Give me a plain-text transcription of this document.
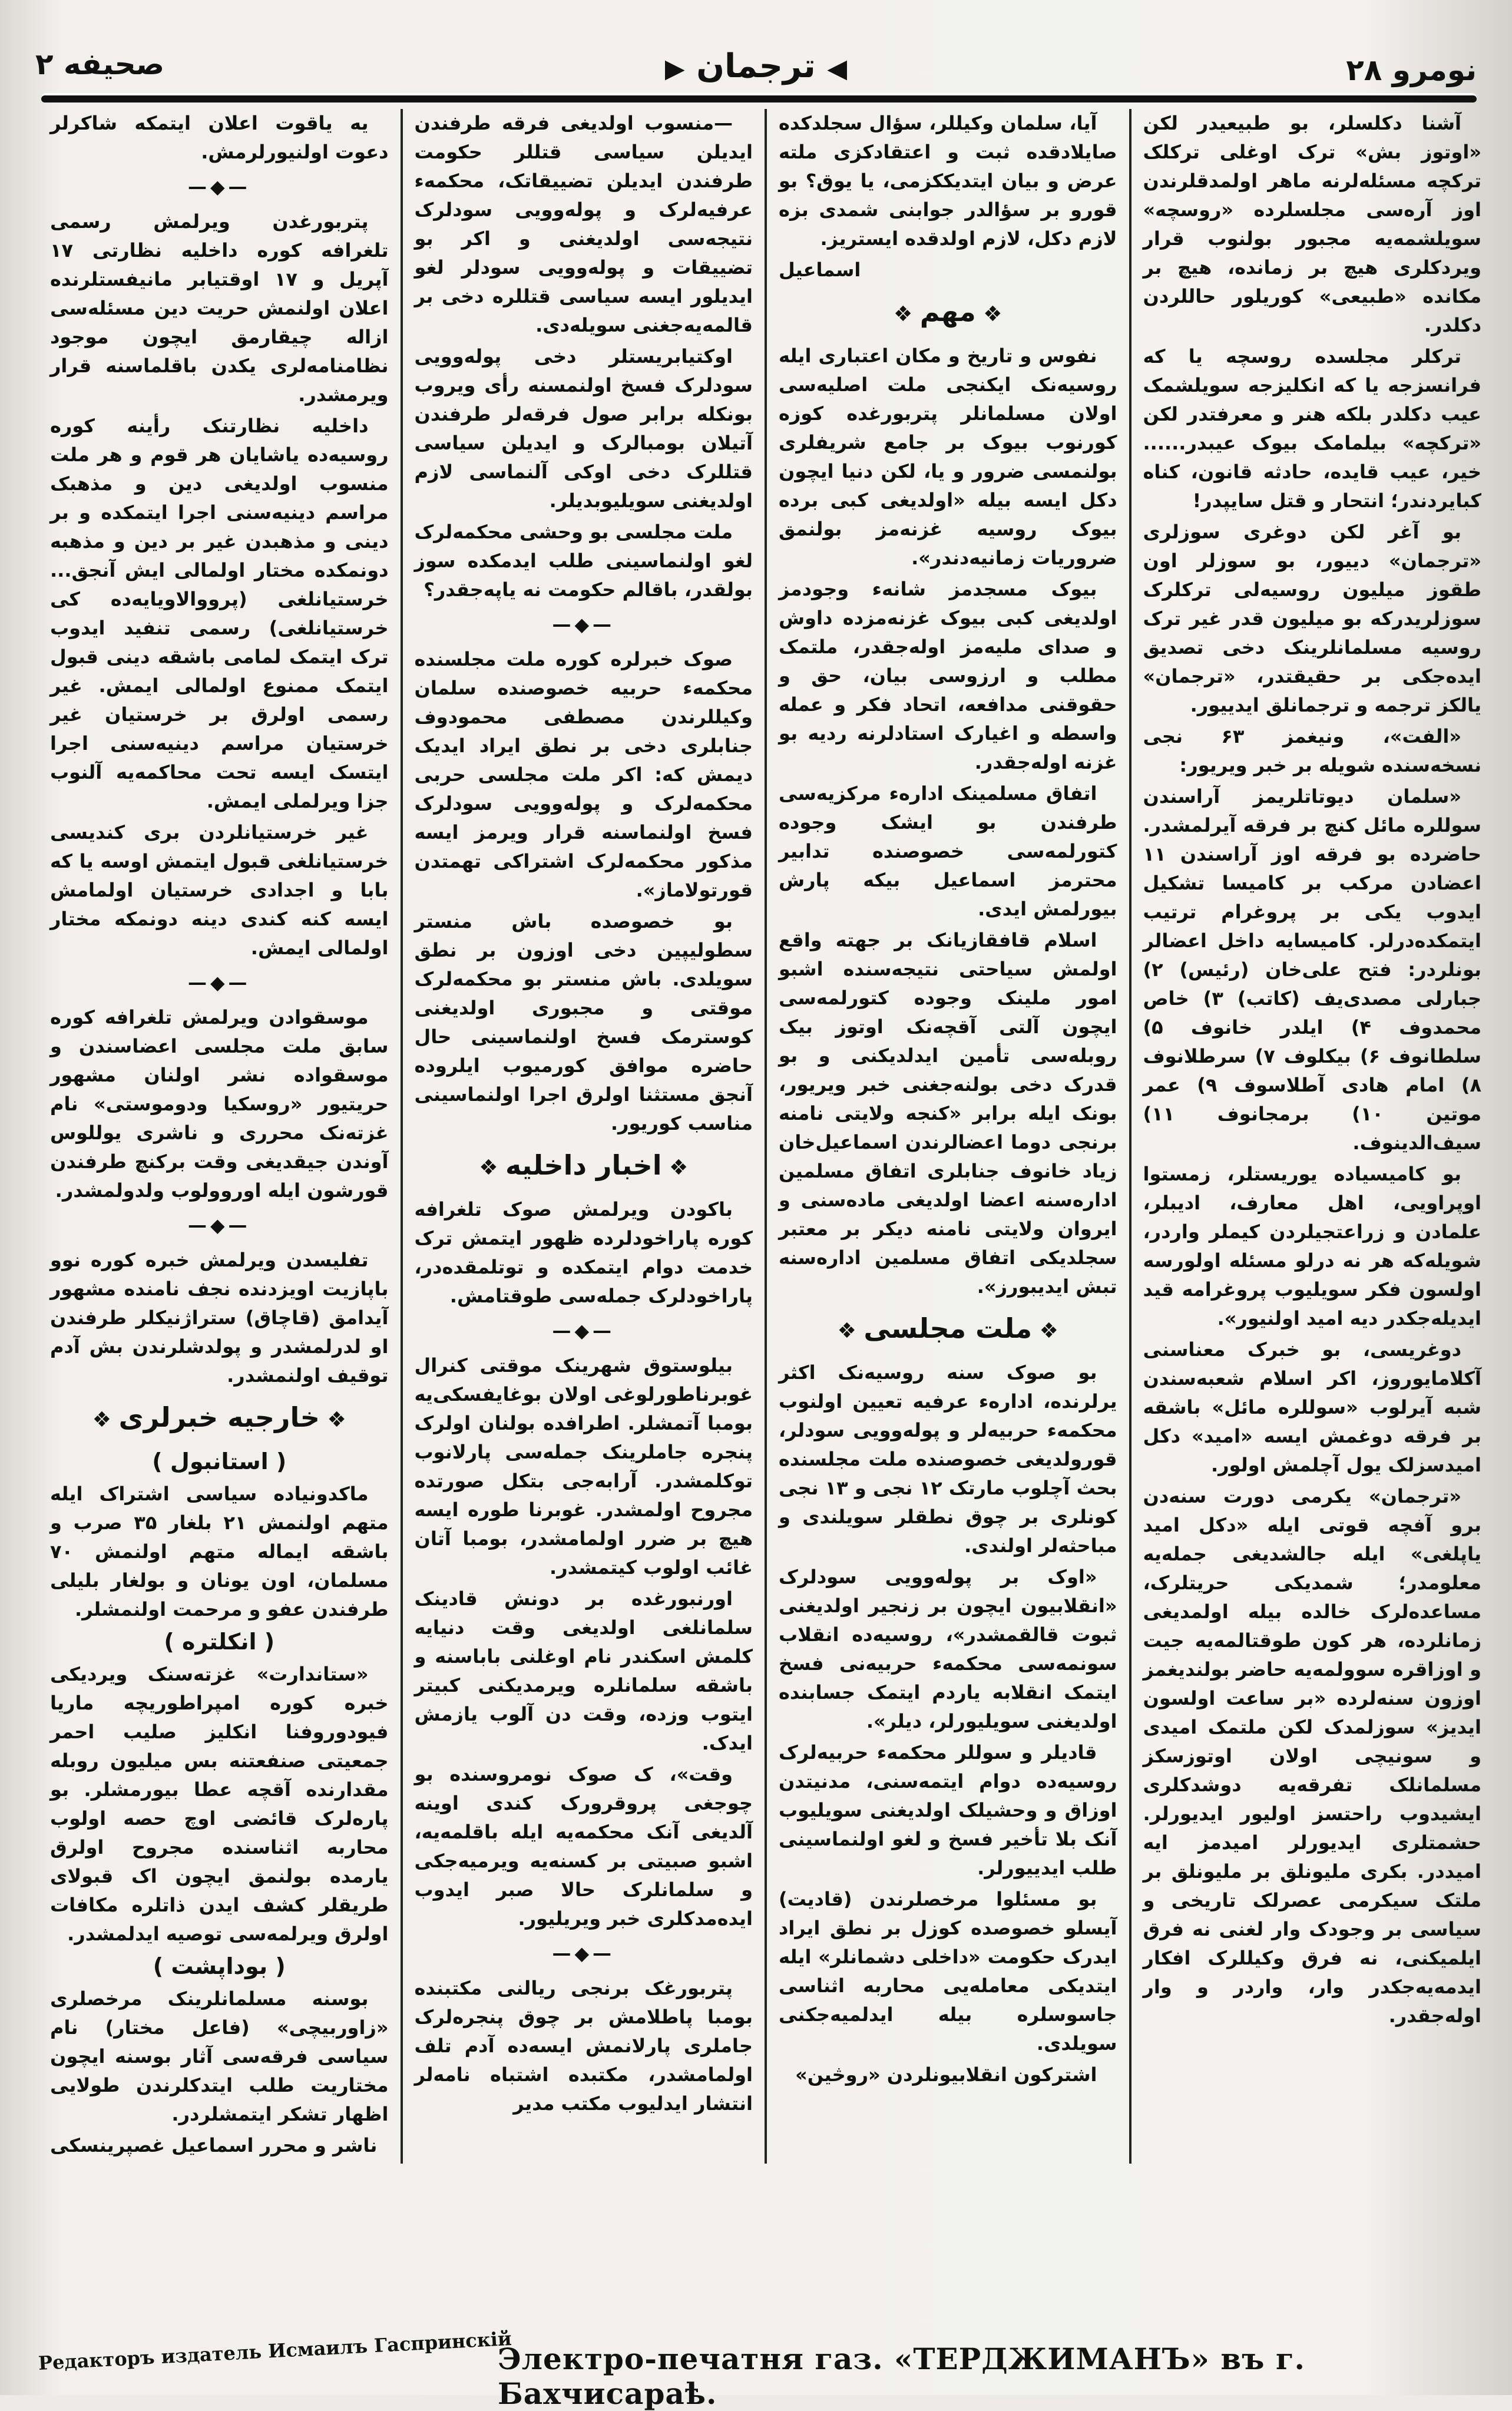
صحیفه ۲	◀ ترجمان ▶	نومرو ۲۸

آشنا دکلسلر، بو طبیعیدر لکن «اوتوز بش» ترک اوغلی ترکلک ترکچه مسئله‌لرنه ماهر اولمدقلرندن اوز آره‌سی مجلسلرده «روسچه» سویلشمه‌یه مجبور بولنوب قرار ویردکلری هیچ بر زمانده، هیچ بر مکانده «طبیعی» کوریلور حاللردن دکلدر.

ترکلر مجلسده روسچه یا که فرانسزجه یا که انکلیزجه سویلشمک عیب دکلدر بلکه هنر و معرفتدر لکن «ترکچه» بیلمامک بیوک عیبدر...... خیر، عیب قایده، حادثه قانون، کناه کبایردندر؛ انتحار و قتل سایپدر!

بو آغر لکن دوغری سوزلری «ترجمان» دییور، بو سوزلر اون طقوز میلیون روسیه‌لی ترکلرک سوزلریدرکه بو میلیون قدر غیر ترک روسیه مسلمانلرینک دخی تصدیق ایده‌جکی بر حقیقتدر، «ترجمان» یالکز ترجمه و ترجمانلق ایدییور.

«الفت»، ونیغمز ۶۳ نجی نسخه‌سنده شویله بر خبر ویریور:

«سلمان دیوتاتلریمز آراسندن سوللره مائل کنچ بر فرقه آیرلمشدر. حاضرده بو فرقه اوز آراسندن ۱۱ اعضادن مرکب بر کامیسا تشکیل ایدوب یکی بر پروغرام ترتیب ایتمکده‌درلر. کامیسایه داخل اعضالر بونلردر: فتح علی‌خان (رئیس) ۲) جبارلی مصدی‌یف (کاتب) ۳) خاص محمدوف ۴) ایلدر خانوف ۵) سلطانوف ۶) بیکلوف ۷) سرطلانوف ۸) امام هادی آطلاسوف ۹) عمر موتین ۱۰) برمجانوف ۱۱) سیف‌الدینوف.

بو کامیسیاده یوریستلر، زمستوا اوپراویی، اهل معارف، ادیبلر، علمادن و زراعتجیلردن کیملر واردر، شویله‌که هر نه درلو مسئله اولورسه اولسون فکر سویلیوب پروغرامه قید ایدیله‌جکدر دیه امید اولنیور».

دوغریسی، بو خبرک معناسنی آکلامایوروز، اکر اسلام شعبه‌سندن شبه آیرلوب «سوللره مائل» باشقه بر فرقه دوغمش ایسه «امید» دکل امیدسزلک یول آچلمش اولور.

«ترجمان» یکرمی دورت سنه‌دن برو آفچه قوتی ایله «دکل امید یاپلغی» ایله جالشدیغی جمله‌یه معلومدر؛ شمدیکی حریتلرک، مساعده‌لرک خالده بیله اولمدیغی زمانلرده، هر کون طوقتالمه‌یه جیت و اوزاقره سوولمه‌یه حاضر بولندیغمز اوزون سنه‌لرده «بر ساعت اولسون ایدیز» سوزلمدک لکن ملتمک امیدی و سونیچی اولان اوتوزسکز مسلمانلک تفرقه‌یه دوشدکلری ایشیدوب راحتسز اولیور ایدیورلر. حشمتلری ایدیورلر امیدمز ایه امیددر. بکری ملیونلق بر ملیونلق بر ملتک سیکرمی عصرلک تاریخی و سیاسی بر وجودک وار لغنی نه فرق ایلمیکنی، نه فرق وکیللرک افکار ایدمه‌یه‌جکدر وار، واردر و وار اوله‌جقدر.

آیا، سلمان وکیللر، سؤال سجلدکده صایلادقده ثبت و اعتقادکزی ملته عرض و بیان ایتدیککزمی، یا یوق؟ بو قورو بر سؤالدر جوابنی شمدی بزه لازم دکل، لازم اولدقده ایستریز.

اسماعیل
❖ مهم ❖

نفوس و تاریخ و مکان اعتباری ایله روسیه‌نک ایکنجی ملت اصلیه‌سی اولان مسلمانلر پتربورغده کوزه کورنوب بیوک بر جامع شریفلری بولنمسی ضرور و یا، لکن دنیا ایچون دکل ایسه بیله «اولدیغی کبی برده بیوک روسیه غزنه‌مز بولنمق ضروریات زمانیه‌دندر».

بیوک مسجدمز شانه‌ء وجودمز اولدیغی کبی بیوک غزنه‌مزده داوش و صدای ملیه‌مز اوله‌جقدر، ملتمک مطلب و ارزوسی بیان، حق و حقوقنی مدافعه، اتحاد فکر و عمله واسطه و اغیارک استادلرنه ردیه بو غزنه اوله‌جقدر.

اتفاق مسلمینک ادارهء مرکزیه‌سی طرفندن بو ایشک وجوده کتورلمه‌سی خصوصنده تدابیر محترمز اسماعیل بیکه پارش بیورلمش ایدی.

اسلام قافقازیانک بر جهته واقع اولمش سیاحتی نتیجه‌سنده اشبو امور ملینک وجوده کتورلمه‌سی ایچون آلتی آقچه‌نک اوتوز بیک روبله‌سی تأمین ایدلدیکنی و بو قدرک دخی بولنه‌جغنی خبر ویریور، بونک ایله برابر «کنجه ولایتی نامنه برنجی دوما اعضالرندن اسماعیل‌خان زیاد خانوف جنابلری اتفاق مسلمین اداره‌سنه اعضا اولدیغی ماده‌سنی و ایروان ولایتی نامنه دیکر بر معتبر سجلدیکی اتفاق مسلمین اداره‌سنه تبش ایدیبورز».

❖ ملت مجلسی ❖

بو صوک سنه روسیه‌نک اکثر یرلرنده، ادارهء عرفیه تعیین اولنوب محکمهء حربیه‌لر و پوله‌وویی سودلر، قورولدیغی خصوصنده ملت مجلسنده بحث آچلوب مارتک ۱۲ نجی و ۱۳ نجی کونلری بر چوق نطقلر سویلندی و مباحثه‌لر اولندی.

«اوک بر پوله‌وویی سودلرک «انقلابیون ایچون بر زنجیر اولدیغنی ثبوت قالقمشدر»، روسیه‌ده انقلاب سونمه‌سی محکمهء حربیه‌نی فسخ ایتمک انقلابه یاردم ایتمک جسابنده اولدیغنی سویلیورلر، دیلر».

قادیلر و سوللر محکمهء حربیه‌لرک روسیه‌ده دوام ایتمه‌سنی، مدنیتدن اوزاق و وحشیلک اولدیغنی سویلیوب آنک بلا تأخیر فسخ و لغو اولنماسینی طلب ایدییورلر.

بو مسئلوا مرخصلرندن (قادیت) آیسلو خصوصده کوزل بر نطق ایراد ایدرک حکومت «داخلی دشمانلر» ایله ایتدیکی معامله‌یی محاربه اثناسی جاسوسلره بیله ایدلمیه‌جکنی سویلدی.

اشترکون انقلابیونلردن «روڅین»

—منسوب اولدیغی فرقه طرفندن ایدیلن سیاسی قتللر حکومت طرفندن ایدیلن تضییقاتک، محکمهء عرفیه‌لرک و پوله‌وویی سودلرک نتیجه‌سی اولدیغنی و اکر بو تضییقات و پوله‌وویی سودلر لغو ایدیلور ایسه سیاسی قتللره دخی بر قالمه‌یه‌جغنی سویله‌دی.

اوکتیابریستلر دخی پوله‌وویی سودلرک فسخ اولنمسنه رأی ویروب بونکله برابر صول فرقه‌لر طرفندن آتیلان بومبالرک و ایدیلن سیاسی قتللرک دخی اوکی آلنماسی لازم اولدیغنی سویلیوبدیلر.

ملت مجلسی بو وحشی محکمه‌لرک لغو اولنماسینی طلب ایدمکده سوز بولقدر، باقالم حکومت نه یاپه‌جقدر؟

—◆—

صوک خبرلره کوره ملت مجلسنده محکمهء حربیه خصوصنده سلمان وکیللرندن مصطفی محمودوف جنابلری دخی بر نطق ایراد ایدیک دیمش که: اکر ملت مجلسی حربی محکمه‌لرک و پوله‌وویی سودلرک فسخ اولنماسنه قرار ویرمز ایسه مذکور محکمه‌لرک اشتراکی تهمتدن قورتولاماز».

بو خصوصده باش منستر سطولیپین دخی اوزون بر نطق سویلدی. باش منستر بو محکمه‌لرک موقتی و مجبوری اولدیغنی کوسترمک فسخ اولنماسینی حال حاضره موافق کورمیوب ایلروده آنجق مستثنا اولرق اجرا اولنماسینی مناسب کوریور.

❖ اخبار داخلیه ❖

باکودن ویرلمش صوک تلغرافه کوره پاراخودلرده ظهور ایتمش ترک خدمت دوام ایتمکده و توتلمقده‌در، پاراخودلرک جمله‌سی طوقتامش.

—◆—

بیلوستوق شهرینک موقتی کنرال غوبرناطورلوغی اولان بوغایفسکی‌یه بومبا آتمشلر. اطرافده بولنان اولرک پنجره جاملرینک جمله‌سی پارلانوب توکلمشدر. آرابه‌جی بتکل صورتده مجروح اولمشدر. غوبرنا طوره ایسه هیچ بر ضرر اولمامشدر، بومبا آتان غائب اولوب کیتمشدر.

اورنبورغده بر دونش قادینک سلمانلغی اولدیغی وقت دنیایه کلمش اسکندر نام اوغلنی باباسنه و باشقه سلمانلره ویرمدیکنی کبیتر ایتوب وزده، وقت دن آلوب یازمش ایدک.

وقت»، ک صوک نومروسنده بو چوجغی پروقرورک کندی اوینه آلدیغی آنک محکمه‌یه ایله باقلمه‌یه، اشبو صبیتی بر کسنه‌یه ویرمیه‌جکی و سلمانلرک حالا صبر ایدوب ایده‌مدکلری خبر ویریلیور.

—◆—

پتربورغک برنجی ریالنی مکتبنده بومبا پاطلامش بر چوق پنجره‌لرک جاملری پارلانمش ایسه‌ده آدم تلف اولمامشدر، مکتبده اشتباه نامه‌لر انتشار ایدلیوب مکتب مدیر

یه یاقوت اعلان ایتمکه شاکرلر دعوت اولنیورلرمش.

—◆—

پتربورغدن ویرلمش رسمی تلغرافه کوره داخلیه نظارتی ۱۷ آپریل و ۱۷ اوقتیابر مانیفستلرنده اعلان اولنمش حریت دین مسئله‌سی ازاله چیقارمق ایچون موجود نظامنامه‌لری یکدن باقلماسنه قرار ویرمشدر.

داخلیه نظارتنک رأینه کوره روسیه‌ده یاشایان هر قوم و هر ملت منسوب اولدیغی دین و مذهبک مراسم دینیه‌سنی اجرا ایتمکده و بر دینی و مذهبدن غیر بر دین و مذهبه دونمکده مختار اولمالی ایش آنجق... خرستیانلغی (پرووالاویایه‌ده کی خرستیانلغی) رسمی تنفید ایدوب ترک ایتمک لمامی باشقه دینی قبول ایتمک ممنوع اولمالی ایمش. غیر رسمی اولرق بر خرستیان غیر خرستیان مراسم دینیه‌سنی اجرا ایتسک ایسه تحت محاکمه‌یه آلنوب جزا ویرلملی ایمش.

غیر خرستیانلردن بری کندیسی خرستیانلغی قبول ایتمش اوسه یا که بابا و اجدادی خرستیان اولمامش ایسه کنه کندی دینه دونمکه مختار اولمالی ایمش.

—◆—

موسقوادن ویرلمش تلغرافه کوره سابق ملت مجلسی اعضاسندن و موسقواده نشر اولنان مشهور حریتیور «روسکیا ودوموستی» نام غزته‌نک محرری و ناشری یوللوس آوندن جیقدیغی وقت برکنچ طرفندن قورشون ایله اوروولوب ولدولمشدر.

—◆—

تفلیسدن ویرلمش خبره کوره نوو باپازیت اویزدنده نجف نامنده مشهور آیدامق (قاچاق) ستراژنیکلر طرفندن او لدرلمشدر و پولدشلرندن بش آدم توقیف اولنمشدر.

❖ خارجیه خبرلری ❖
( استانبول )

ماکدونیاده سیاسی اشتراک ایله متهم اولنمش ۲۱ بلغار ۳۵ صرب و باشقه ایماله متهم اولنمش ۷۰ مسلمان، اون یونان و بولغار بلیلی طرفندن عفو و مرحمت اولنمشلر.

( انکلتره )

«ستاندارت» غزته‌سنک ویردیکی خبره کوره امپراطوریچه ماریا فیودوروفنا انکلیز صلیب احمر جمعیتی صنفعتنه بس میلیون روبله مقدارنده آقچه عطا بیورمشلر. بو پاره‌لرک قائضی اوچ حصه اولوب محاربه اثناسنده مجروح اولرق یارمده بولنمق ایچون اک قبولای طریقلر کشف ایدن ذاتلره مکافات اولرق ویرلمه‌سی توصیه ایدلمشدر.

( بوداپشت )

بوسنه مسلمانلرینک مرخصلری «زاوربیچی» (فاعل مختار) نام سیاسی فرقه‌سی آثار بوسنه ایچون مختاریت طلب ایتدکلرندن طولایی اظهار تشکر ایتمشلردر.

ناشر و محرر اسماعیل غصپرینسکی
Редакторъ издатель Исмаилъ Гаспринскій
Электро-печатня газ. «ТЕРДЖИМАНЪ» въ г. Бахчисараѣ.
